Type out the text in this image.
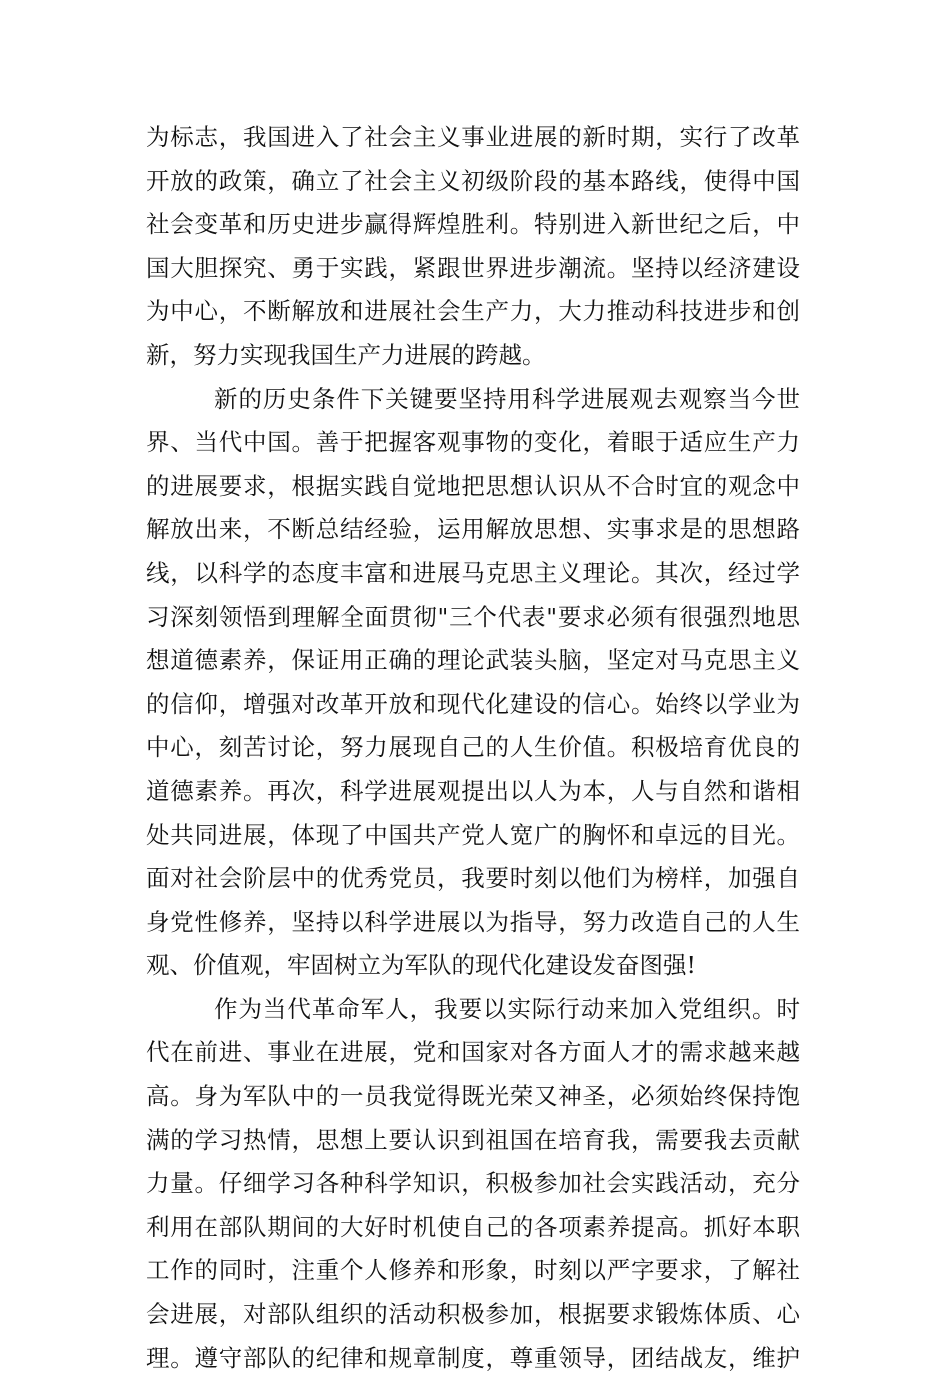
为标志，我国进入了社会主义事业进展的新时期，实行了改革
开放的政策，确立了社会主义初级阶段的基本路线，使得中国
社会变革和历史进步赢得辉煌胜利。特别进入新世纪之后，中
国大胆探究、勇于实践，紧跟世界进步潮流。坚持以经济建设
为中心，不断解放和进展社会生产力，大力推动科技进步和创
新，努力实现我国生产力进展的跨越。
新的历史条件下关键要坚持用科学进展观去观察当今世
界、当代中国。善于把握客观事物的变化，着眼于适应生产力
的进展要求，根据实践自觉地把思想认识从不合时宜的观念中
解放出来，不断总结经验，运用解放思想、实事求是的思想路
线，以科学的态度丰富和进展马克思主义理论。其次，经过学
习深刻领悟到理解全面贯彻"三个代表"要求必须有很强烈地思
想道德素养，保证用正确的理论武装头脑，坚定对马克思主义
的信仰，增强对改革开放和现代化建设的信心。始终以学业为
中心，刻苦讨论，努力展现自己的人生价值。积极培育优良的
道德素养。再次，科学进展观提出以人为本，人与自然和谐相
处共同进展，体现了中国共产党人宽广的胸怀和卓远的目光。
面对社会阶层中的优秀党员，我要时刻以他们为榜样，加强自
身党性修养，坚持以科学进展以为指导，努力改造自己的人生
观、价值观，牢固树立为军队的现代化建设发奋图强!
作为当代革命军人，我要以实际行动来加入党组织。时
代在前进、事业在进展，党和国家对各方面人才的需求越来越
高。身为军队中的一员我觉得既光荣又神圣，必须始终保持饱
满的学习热情，思想上要认识到祖国在培育我，需要我去贡献
力量。仔细学习各种科学知识，积极参加社会实践活动，充分
利用在部队期间的大好时机使自己的各项素养提高。抓好本职
工作的同时，注重个人修养和形象，时刻以严字要求，了解社
会进展，对部队组织的活动积极参加，根据要求锻炼体质、心
理。遵守部队的纪律和规章制度，尊重领导，团结战友，维护
